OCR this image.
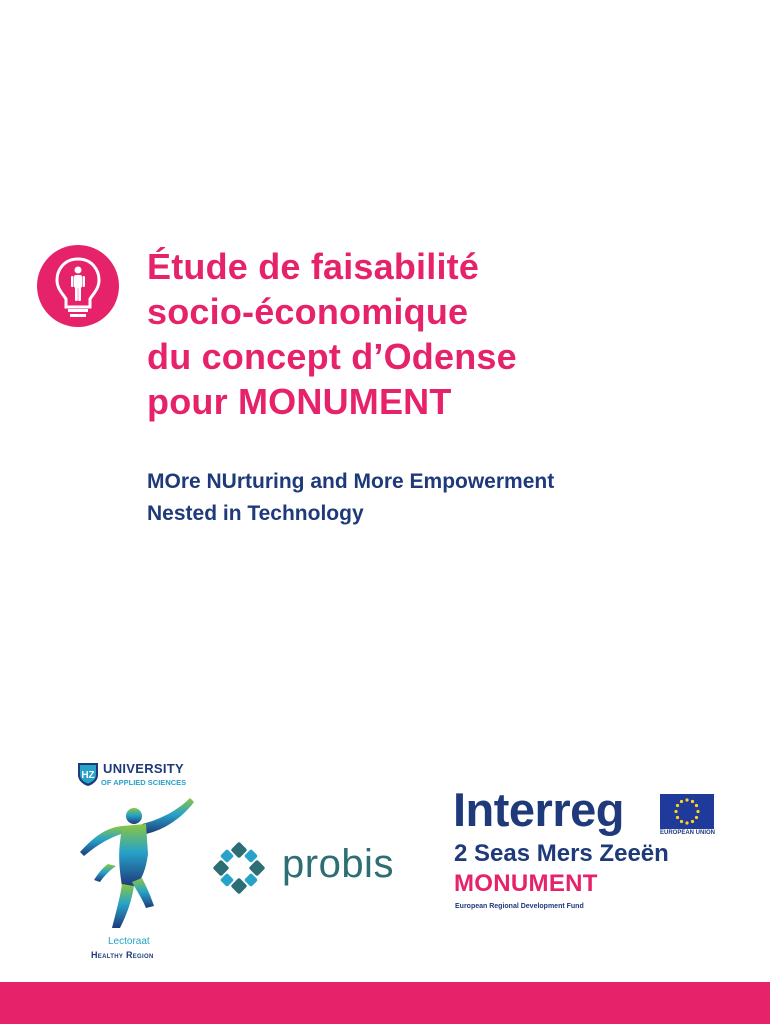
Étude de faisabilité
socio-économique
du concept d’Odense
pour MONUMENT
MOre NUrturing and More Empowerment
Nested in Technology
HZ UNIVERSITY
OF APPLIED SCIENCES
Lectoraat
Healthy Region
probis
Interreg	EUROPEAN UNION
2 Seas Mers Zeeën
MONUMENT
European Regional Development Fund
